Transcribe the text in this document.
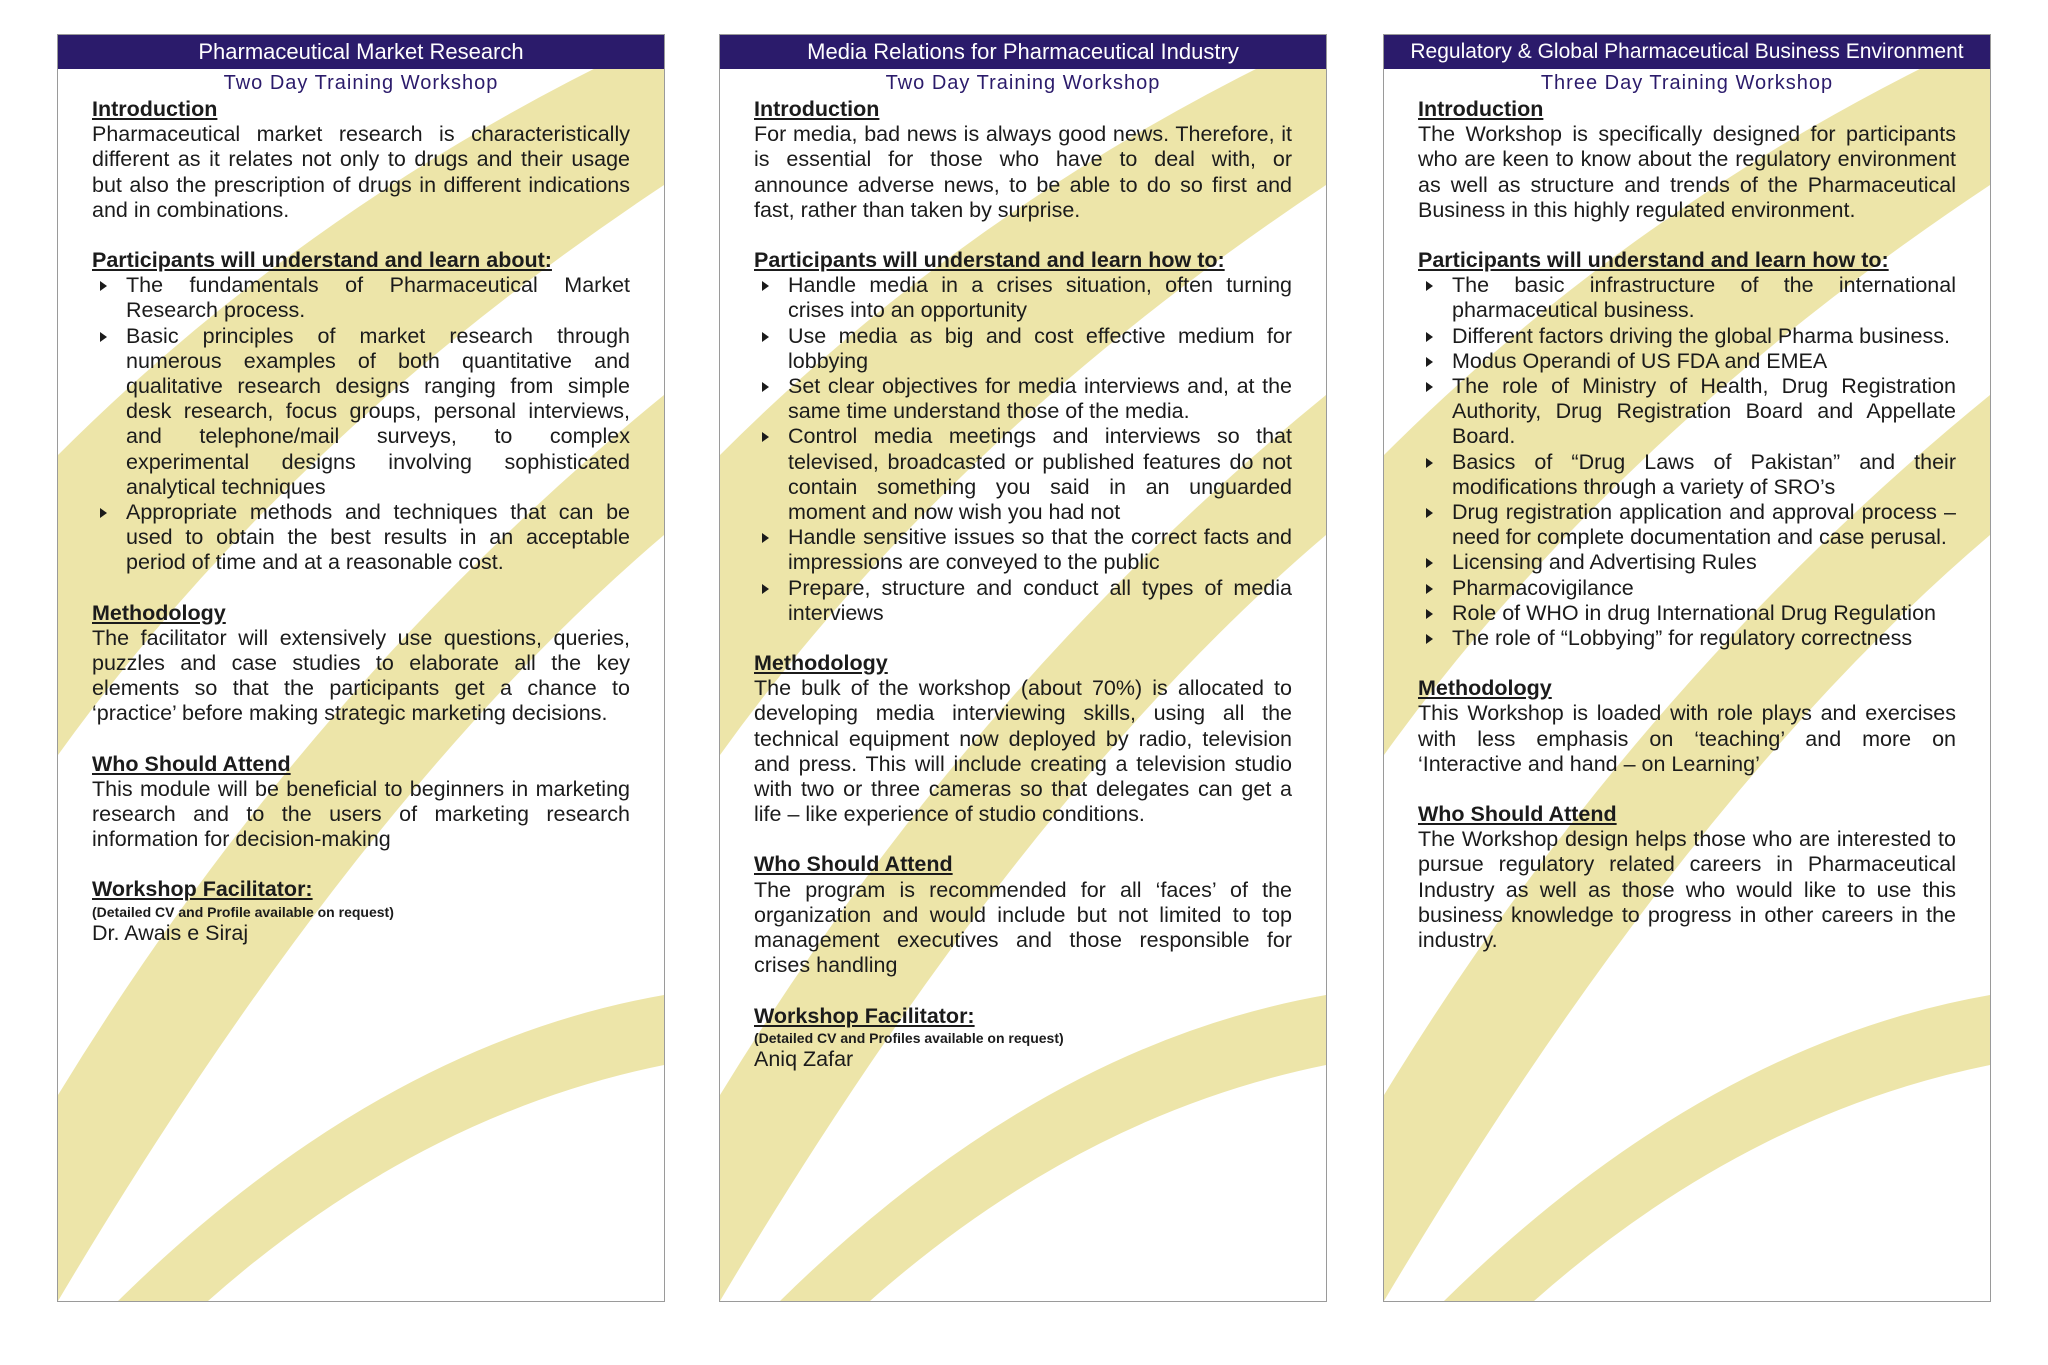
Pharmaceutical Market Research
Two Day Training Workshop
Introduction

Pharmaceutical market research is characteristically different as it relates not only to drugs and their usage but also the prescription of drugs in different indications and in combinations.

Participants will understand and learn about:
The fundamentals of Pharmaceutical Market Research process.
Basic principles of market research through numerous examples of both quantitative and qualitative research designs ranging from simple desk research, focus groups, personal interviews, and telephone/mail surveys, to complex experimental designs involving sophisticated analytical techniques
Appropriate methods and techniques that can be used to obtain the best results in an acceptable period of time and at a reasonable cost.
Methodology

The facilitator will extensively use questions, queries, puzzles and case studies to elaborate all the key elements so that the participants get a chance to ‘practice’ before making strategic marketing decisions.

Who Should Attend

This module will be beneficial to beginners in marketing research and to the users of marketing research information for decision-making

Workshop Facilitator:
(Detailed CV and Profile available on request)
Dr. Awais e Siraj
Media Relations for Pharmaceutical Industry
Two Day Training Workshop
Introduction

For media, bad news is always good news. Therefore, it is essential for those who have to deal with, or announce adverse news, to be able to do so first and fast, rather than taken by surprise.

Participants will understand and learn how to:
Handle media in a crises situation, often turning crises into an opportunity
Use media as big and cost effective medium for lobbying
Set clear objectives for media interviews and, at the same time understand those of the media.
Control media meetings and interviews so that televised, broadcasted or published features do not contain something you said in an unguarded moment and now wish you had not
Handle sensitive issues so that the correct facts and impressions are conveyed to the public
Prepare, structure and conduct all types of media interviews
Methodology

The bulk of the workshop (about 70%) is allocated to developing media interviewing skills, using all the technical equipment now deployed by radio, television and press. This will include creating a television studio with two or three cameras so that delegates can get a life – like experience of studio conditions.

Who Should Attend

The program is recommended for all ‘faces’ of the organization and would include but not limited to top management executives and those responsible for crises handling

Workshop Facilitator:
(Detailed CV and Profiles available on request)
Aniq Zafar
Regulatory & Global Pharmaceutical Business Environment
Three Day Training Workshop
Introduction

The Workshop is specifically designed for participants who are keen to know about the regulatory environment as well as structure and trends of the Pharmaceutical Business in this highly regulated environment.

Participants will understand and learn how to:
The basic infrastructure of the international pharmaceutical business.
Different factors driving the global Pharma business.
Modus Operandi of US FDA and EMEA
The role of Ministry of Health, Drug Registration Authority, Drug Registration Board and Appellate Board.
Basics of “Drug Laws of Pakistan” and their modifications through a variety of SRO’s
Drug registration application and approval process – need for complete documentation and case perusal.
Licensing and Advertising Rules
Pharmacovigilance
Role of WHO in drug International Drug Regulation
The role of “Lobbying” for regulatory correctness
Methodology

This Workshop is loaded with role plays and exercises with less emphasis on ‘teaching’ and more on ‘Interactive and hand – on Learning’

Who Should Attend

The Workshop design helps those who are interested to pursue regulatory related careers in Pharmaceutical Industry as well as those who would like to use this business knowledge to progress in other careers in the industry.
